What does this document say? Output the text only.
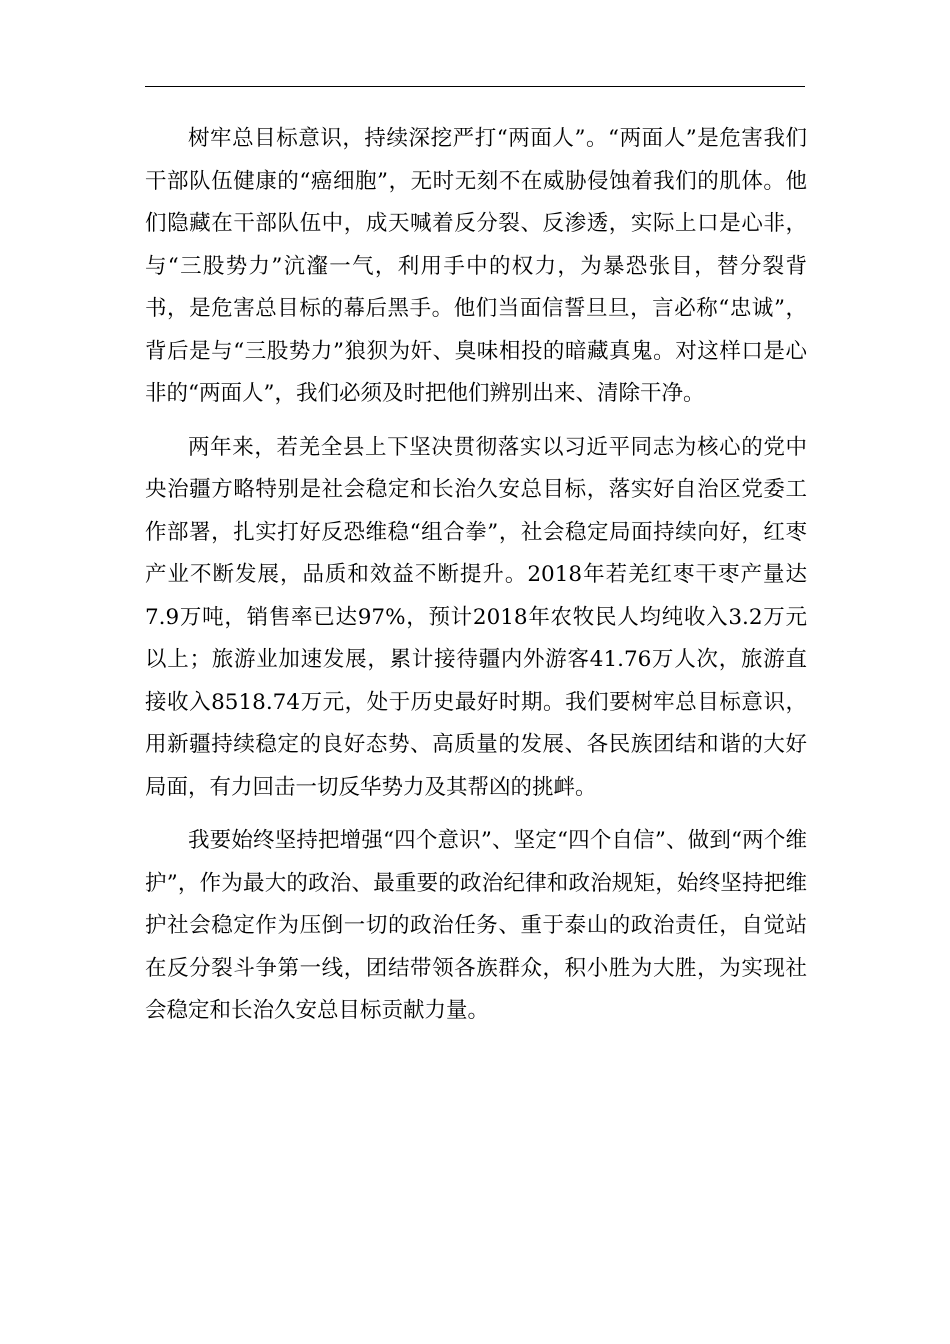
树牢总目标意识，持续深挖严打“两面人”。“两面人”是危害我们干部队伍健康的“癌细胞”，无时无刻不在威胁侵蚀着我们的肌体。他们隐藏在干部队伍中，成天喊着反分裂、反渗透，实际上口是心非，与“三股势力”沆瀣一气，利用手中的权力，为暴恐张目，替分裂背书，是危害总目标的幕后黑手。他们当面信誓旦旦，言必称“忠诚”，背后是与“三股势力”狼狈为奸、臭味相投的暗藏真鬼。对这样口是心非的“两面人”，我们必须及时把他们辨别出来、清除干净。

两年来，若羌全县上下坚决贯彻落实以习近平同志为核心的党中央治疆方略特别是社会稳定和长治久安总目标，落实好自治区党委工作部署，扎实打好反恐维稳“组合拳”，社会稳定局面持续向好，红枣产业不断发展，品质和效益不断提升。2018年若羌红枣干枣产量达7.9万吨，销售率已达97%，预计2018年农牧民人均纯收入3.2万元以上；旅游业加速发展，累计接待疆内外游客41.76万人次，旅游直接收入8518.74万元，处于历史最好时期。我们要树牢总目标意识，用新疆持续稳定的良好态势、高质量的发展、各民族团结和谐的大好局面，有力回击一切反华势力及其帮凶的挑衅。

我要始终坚持把增强“四个意识”、坚定“四个自信”、做到“两个维护”，作为最大的政治、最重要的政治纪律和政治规矩，始终坚持把维护社会稳定作为压倒一切的政治任务、重于泰山的政治责任，自觉站在反分裂斗争第一线，团结带领各族群众，积小胜为大胜，为实现社会稳定和长治久安总目标贡献力量。
